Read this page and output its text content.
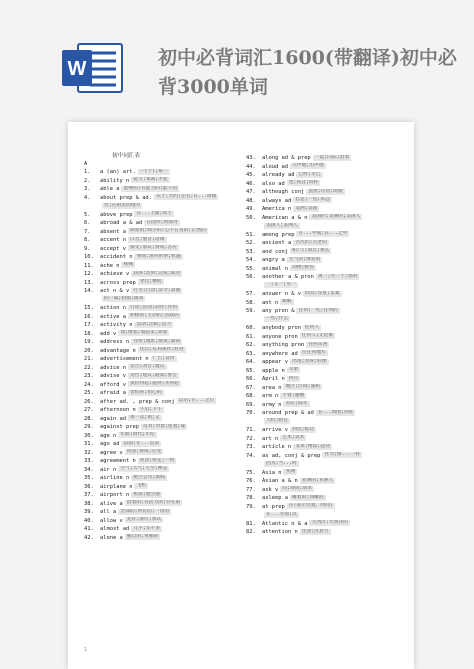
W	初中必背词汇1600(带翻译)初中必背3000单词
初中词汇表
A
1. a (an) art. 一(个);每一
2. ability n 能力;本领;才能
3. able a 能够的;有能力的;能干的
4. about prep & ad. 关于;大约;左右;在...周围
处;在附近的地方
5. above prep 在...上面;高于
6. abroad a & ad 在国外;到海外
7. absent a 缺席的;缺少的;心不在焉的;茫然的
8. accent n 口音;重音;语调
9. accept v 接受;承认;赞成;答应
10. accident n 事故;意外的事;机遇
11. ache n 疼痛
12. achieve v 获得;达到;完成;成功
13. across prep 穿过;横跨
14. act n & v 行为;行动;法令;表演
的一幕;扮演;演戏
15. action n 行动;活动;动作;作用
16. active a 积极的;主动的;活跃的
17. activity n 活动;活跃;活力
18. add v 加;增加;加起来;添加
19. address n 住址;地址;演说;演讲
20. advantage n 优点;有利条件;好处
21. advertisement n 广告;宣传
22. advice n 忠告;劝告;建议
23. advise v 劝告;建议;通知;警告
24. afford v 负担得起;提供;买得起
25. afraid a 害怕的;担心的
26. after ad. , prep & conj 以后;在...之后
27. afternoon n 午后;下午
28. again ad 再一次;再;又
29. against prep 反对;对着;逆着;靠
30. age n 年龄;时代;年纪
31. ago ad 以前;在...以前
32. agree v 同意;赞成;应允
33. agreement n 同意;协定;一致
34. air n 空气;大气;天空;神态
35. airline n 航空公司;航线
36. airplane n 飞机
37. airport n 机场;航空港
38. alive a 活着的;有活力的;存在的
39. all a 全部的;所有的;一切的
40. allow v 允许;准许;承认
41. almost ad 几乎;差不多
42. alone a 独自的;单独的
43. along ad & prep 一起;向前;沿着
44. aloud ad 大声地;出声地
45. already ad 已经;早已
46. also ad 也;而且;同样
47. although conj 虽然;尽管;即使
48. always ad 总是;一直;永远
49. America n 美洲;美国
50. American a & n 美国的;美洲的;美国人
美国人;美洲人
51. among prep 在...中间;在...之中
52. ancient a 古代的;古老的
53. and conj 和;与;而且;那么
54. angry a 生气的;愤怒的
55. animal n 动物;野兽
56. another a & pron 再一;另一个;别的
一;又一;另一
57. answer n & v 回答;答复;答案
58. ant n 蚂蚁
59. any pron & 任何;一些;任何的
一些;什么
60. anybody pron 任何人
61. anyone pron 任何人;无论谁
62. anything pron 任何东西
63. anywhere ad 在任何地方
64. appear v 出现;显得;好像
65. apple n 苹果
66. April n 四月
67. area n 地区;区域;面积
68. arm n 手臂;胳膊
69. army n 军队;陆军
70. around prep & ad 在...周围;到处
大约;附近
71. arrive v 到达;抵达
72. art n 艺术;美术
73. article n 文章;物品;冠词
74. as ad, conj & prep 作为;像...一样
因为;当...时
75. Asia n 亚洲
76. Asian a & n 亚洲的;亚洲人
77. ask v 问;询问;请求
78. asleep a 睡着的;熟睡的
79. at prep 在(表示位置、时间)
在...方面;以
81. Atlantic n & a 大西洋;大西洋的
82. attention n 注意;注意力
1
